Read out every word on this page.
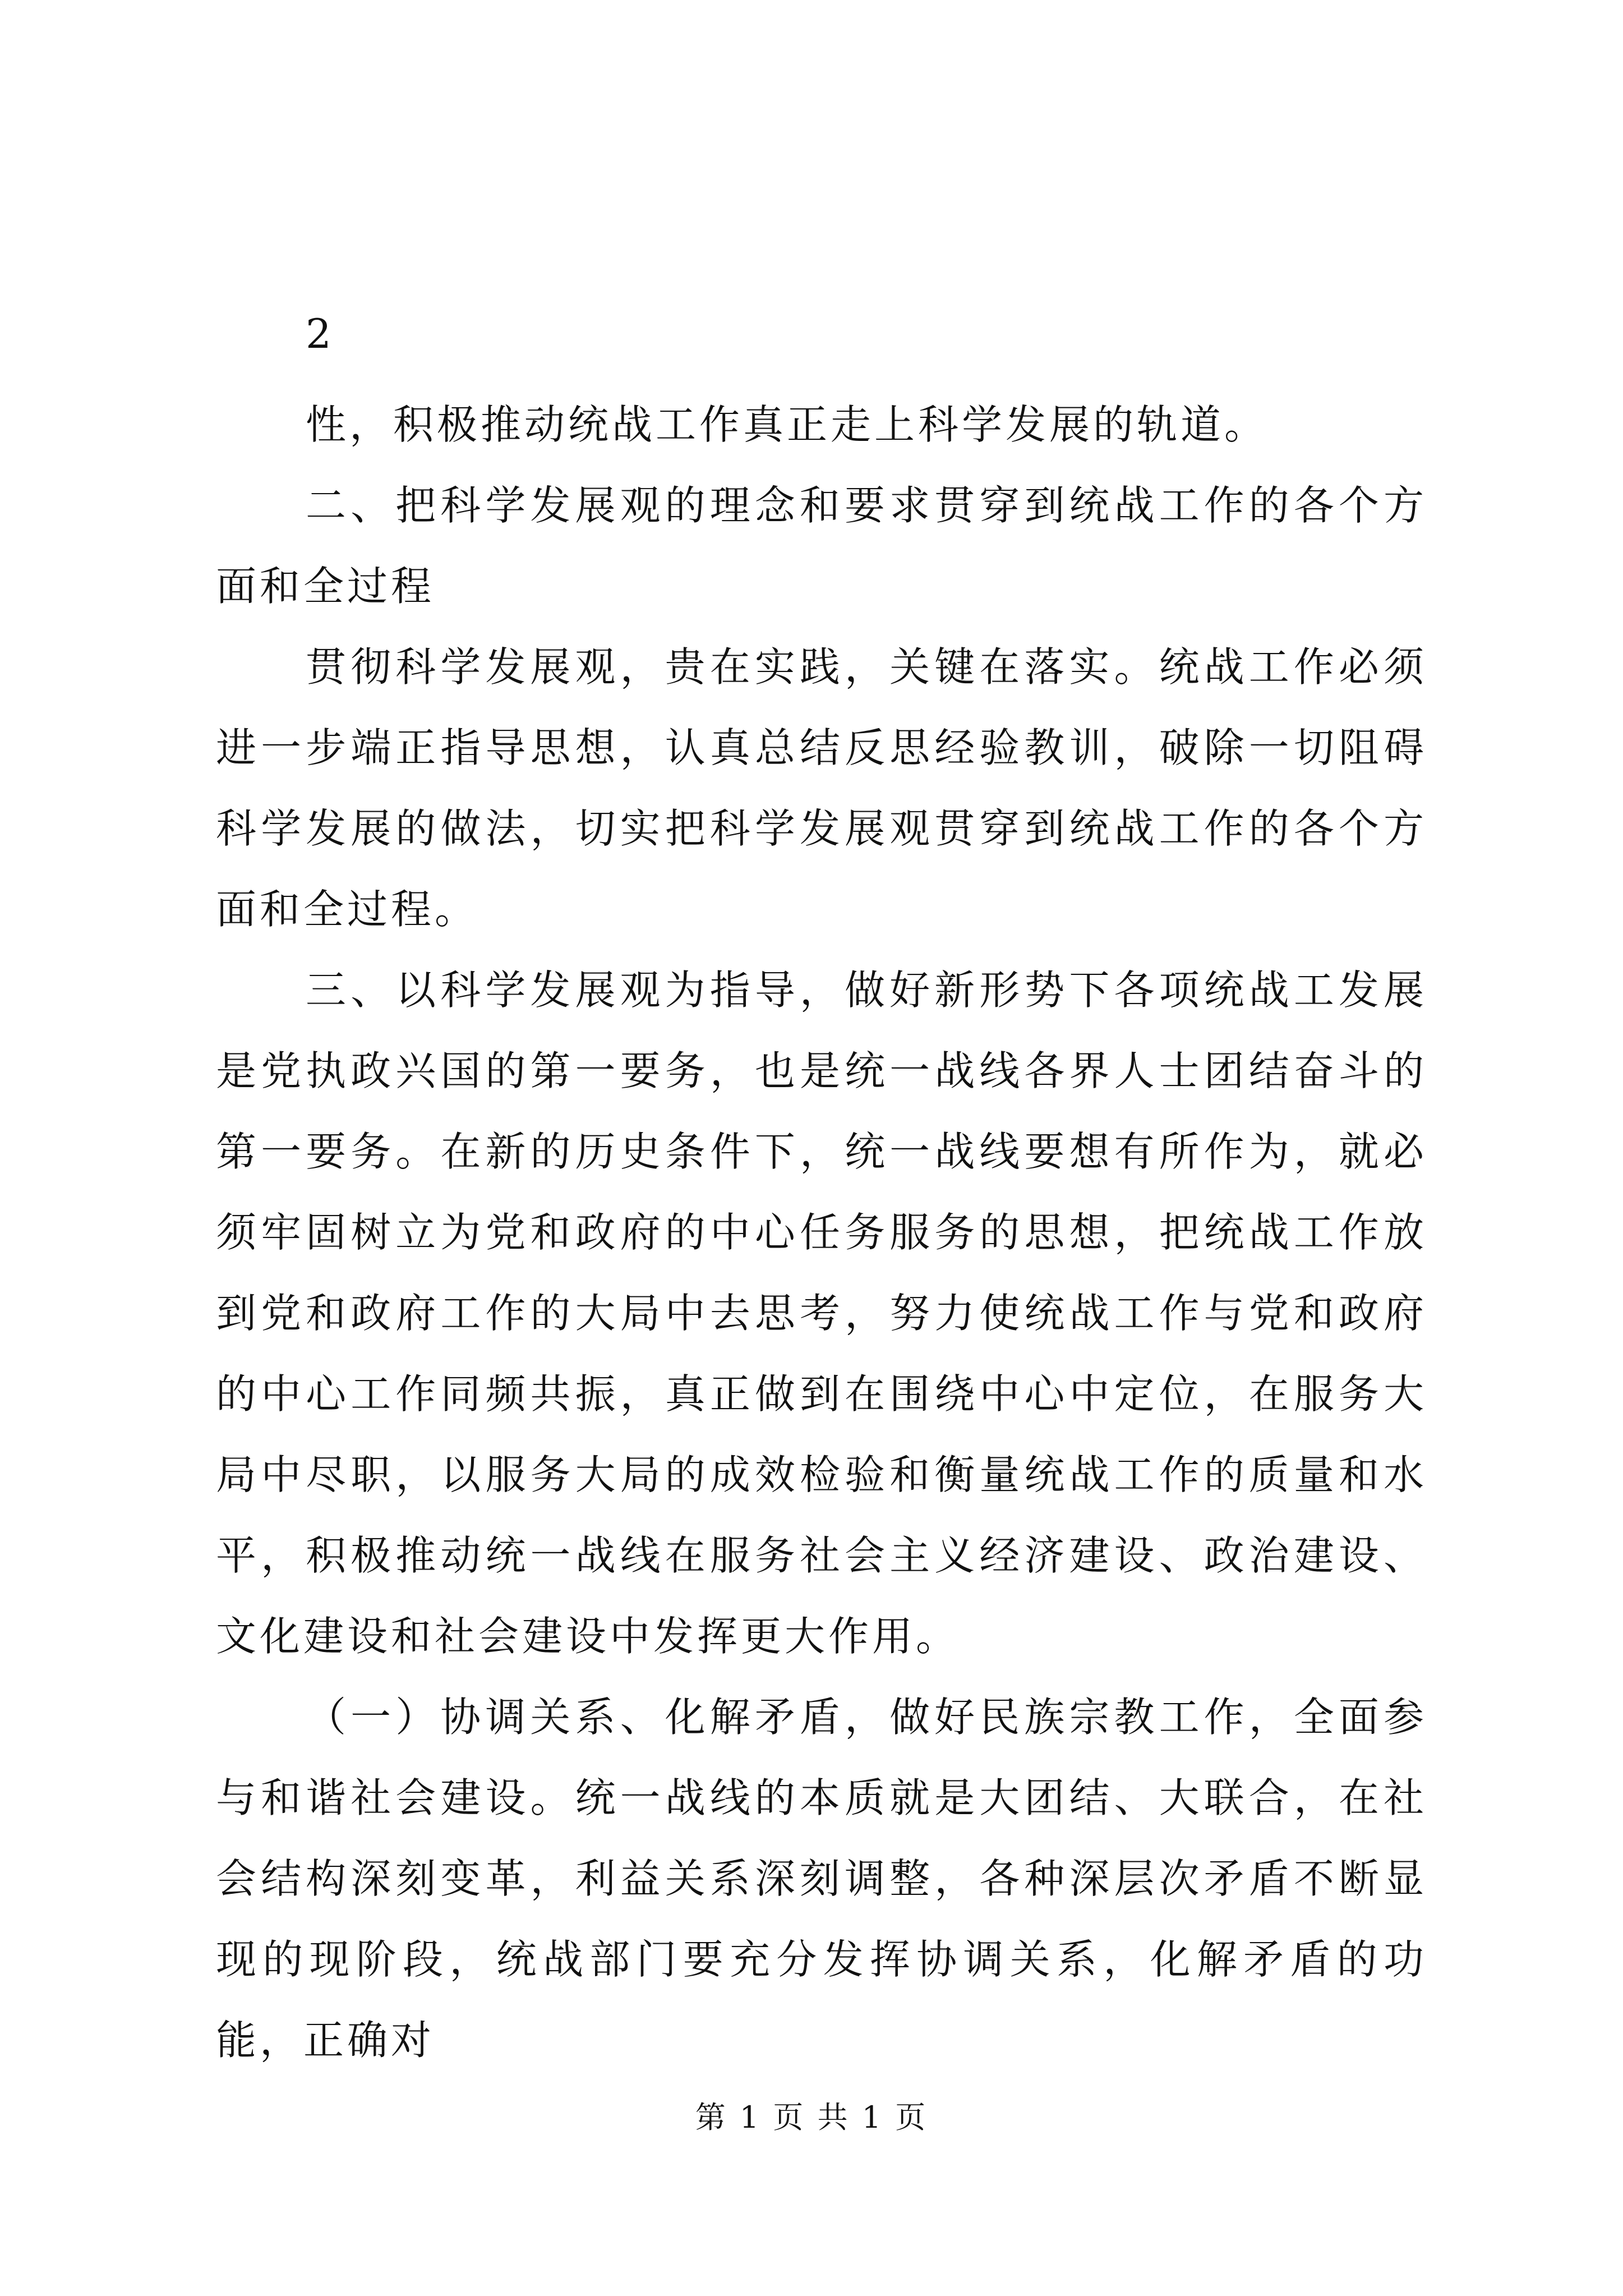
2

性，积极推动统战工作真正走上科学发展的轨道。

二、把科学发展观的理念和要求贯穿到统战工作的各个方面和全过程

贯彻科学发展观，贵在实践，关键在落实。统战工作必须进一步端正指导思想，认真总结反思经验教训，破除一切阻碍科学发展的做法，切实把科学发展观贯穿到统战工作的各个方面和全过程。

三、以科学发展观为指导，做好新形势下各项统战工发展是党执政兴国的第一要务，也是统一战线各界人士团结奋斗的第一要务。在新的历史条件下，统一战线要想有所作为，就必须牢固树立为党和政府的中心任务服务的思想，把统战工作放到党和政府工作的大局中去思考，努力使统战工作与党和政府的中心工作同频共振，真正做到在围绕中心中定位，在服务大局中尽职，以服务大局的成效检验和衡量统战工作的质量和水平，积极推动统一战线在服务社会主义经济建设、政治建设、文化建设和社会建设中发挥更大作用。

（一）协调关系、化解矛盾，做好民族宗教工作，全面参与和谐社会建设。统一战线的本质就是大团结、大联合，在社会结构深刻变革，利益关系深刻调整，各种深层次矛盾不断显现的现阶段，统战部门要充分发挥协调关系，化解矛盾的功能，正确对

第 1 页 共 1 页
